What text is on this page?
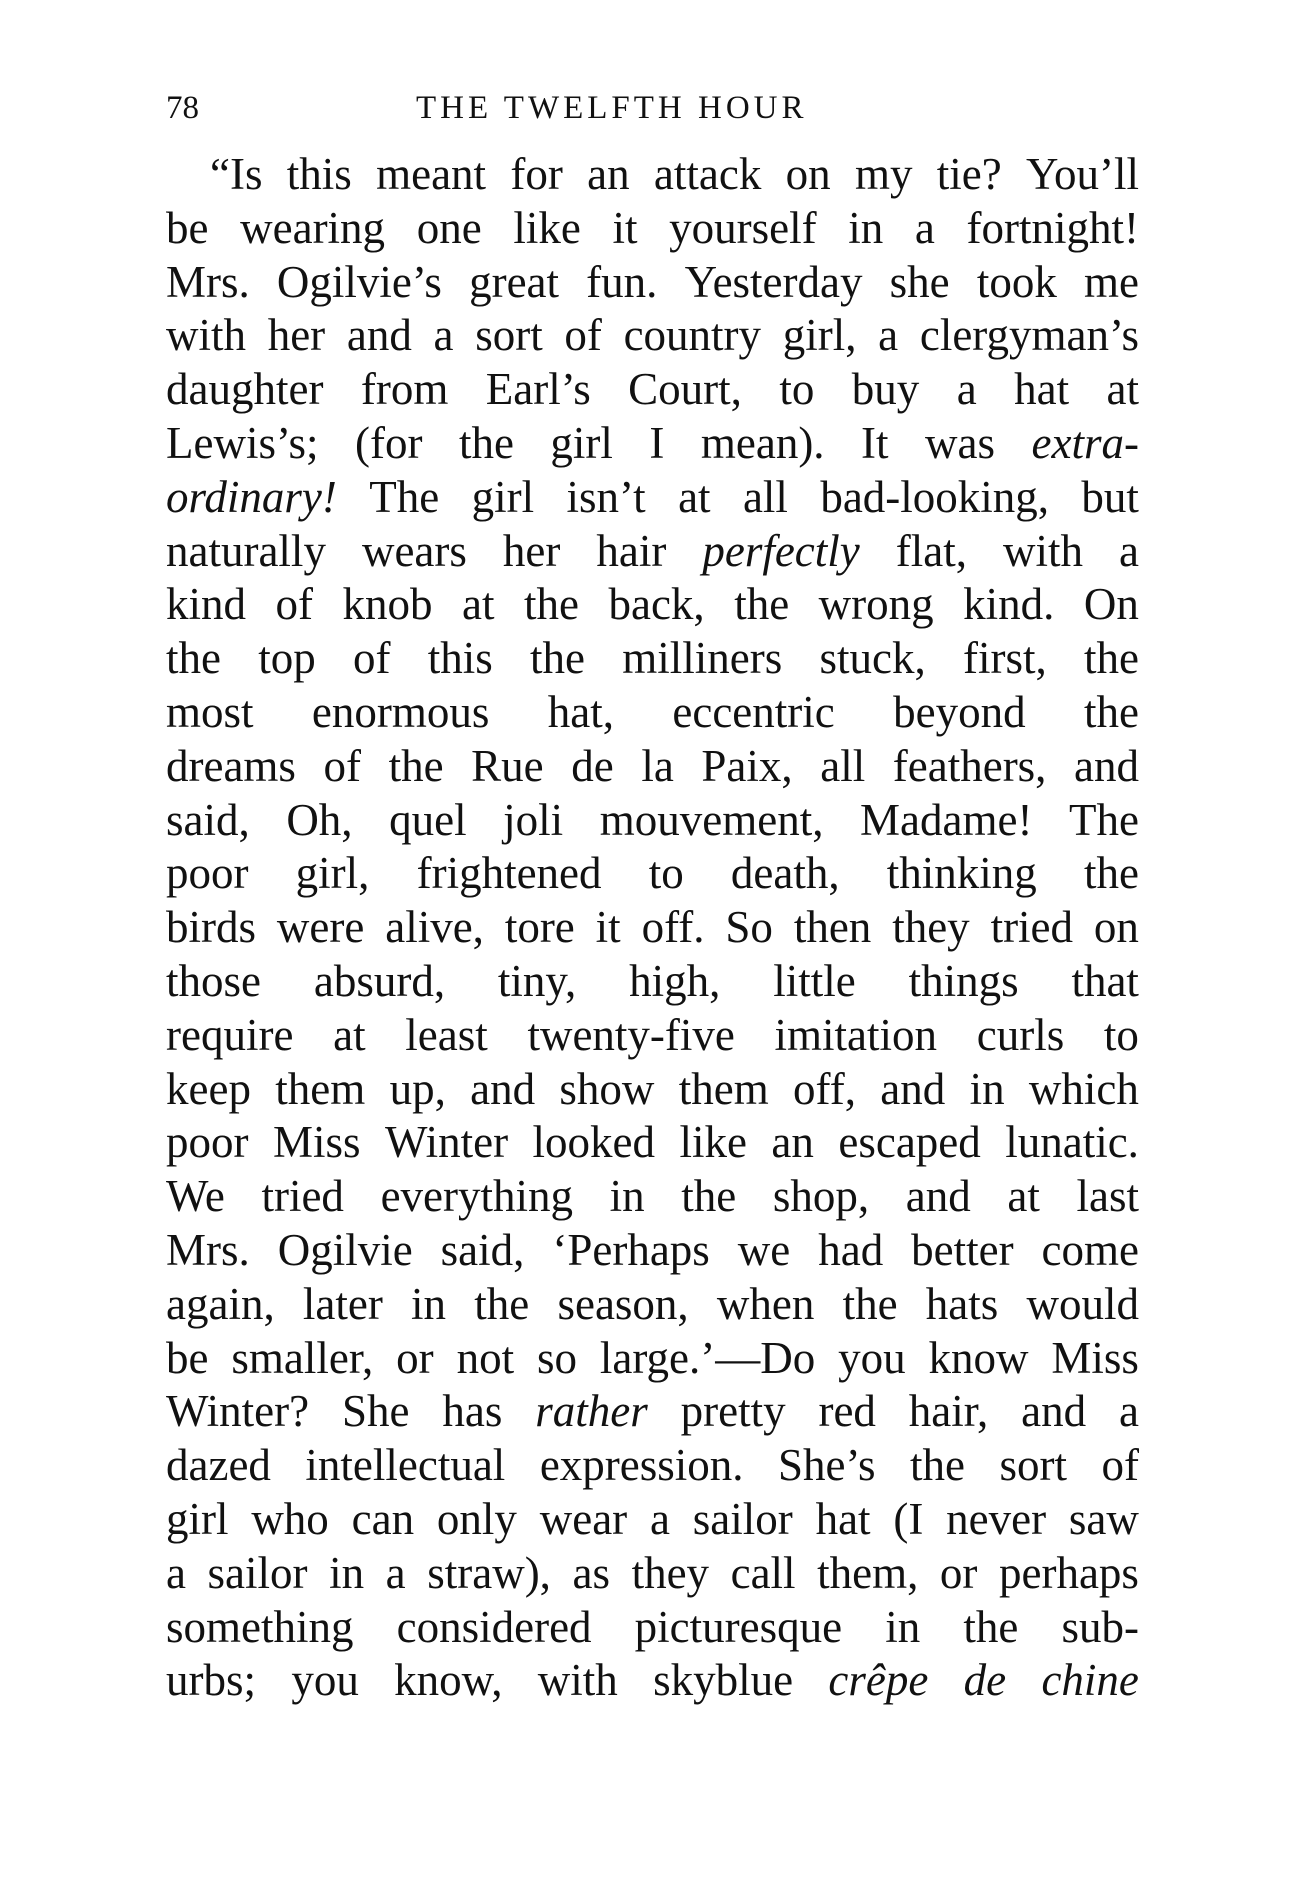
78	THE TWELFTH HOUR
“Is this meant for an attack on my tie? You’ll
be wearing one like it yourself in a fortnight!
Mrs. Ogilvie’s great fun. Yesterday she took me
with her and a sort of country girl, a clergyman’s
daughter from Earl’s Court, to buy a hat at
Lewis’s; (for the girl I mean). It was extra-
ordinary! The girl isn’t at all bad-looking, but
naturally wears her hair perfectly flat, with a
kind of knob at the back, the wrong kind. On
the top of this the milliners stuck, first, the
most enormous hat, eccentric beyond the
dreams of the Rue de la Paix, all feathers, and
said, Oh, quel joli mouvement, Madame! The
poor girl, frightened to death, thinking the
birds were alive, tore it off. So then they tried on
those absurd, tiny, high, little things that
require at least twenty-five imitation curls to
keep them up, and show them off, and in which
poor Miss Winter looked like an escaped lunatic.
We tried everything in the shop, and at last
Mrs. Ogilvie said, ‘Perhaps we had better come
again, later in the season, when the hats would
be smaller, or not so large.’—Do you know Miss
Winter? She has rather pretty red hair, and a
dazed intellectual expression. She’s the sort of
girl who can only wear a sailor hat (I never saw
a sailor in a straw), as they call them, or perhaps
something considered picturesque in the sub-
urbs; you know, with skyblue crêpe de chine
